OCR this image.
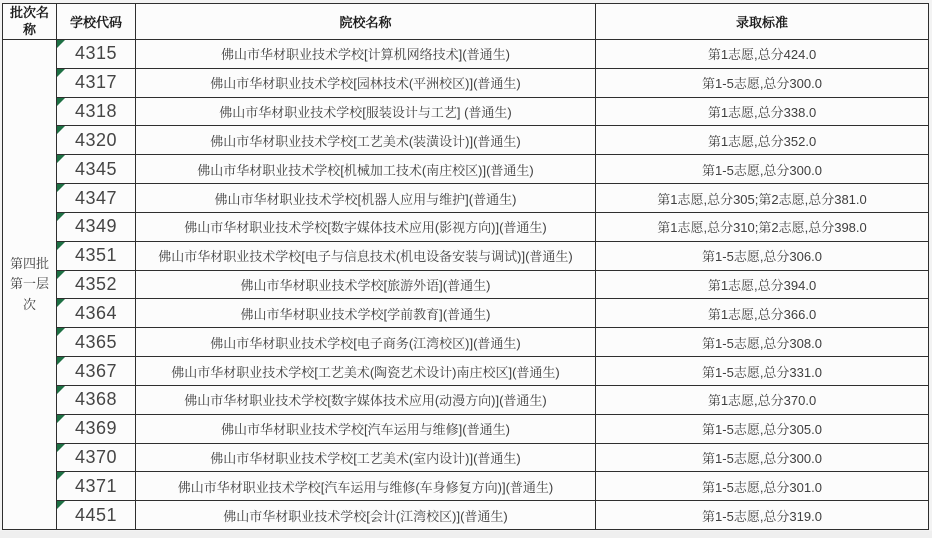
批次名称
第四批第一层次
学校代码	院校名称	录取标准
4315	佛山市华材职业技术学校[计算机网络技术](普通生)	第1志愿,总分424.0
4317	佛山市华材职业技术学校[园林技术(平洲校区)](普通生)	第1-5志愿,总分300.0
4318	佛山市华材职业技术学校[服装设计与工艺] (普通生)	第1志愿,总分338.0
4320	佛山市华材职业技术学校[工艺美术(装潢设计)](普通生)	第1志愿,总分352.0
4345	佛山市华材职业技术学校[机械加工技术(南庄校区)](普通生)	第1-5志愿,总分300.0
4347	佛山市华材职业技术学校[机器人应用与维护](普通生)	第1志愿,总分305;第2志愿,总分381.0
4349	佛山市华材职业技术学校[数字媒体技术应用(影视方向)](普通生)	第1志愿,总分310;第2志愿,总分398.0
4351	佛山市华材职业技术学校[电子与信息技术(机电设备安装与调试)](普通生)	第1-5志愿,总分306.0
4352	佛山市华材职业技术学校[旅游外语](普通生)	第1志愿,总分394.0
4364	佛山市华材职业技术学校[学前教育](普通生)	第1志愿,总分366.0
4365	佛山市华材职业技术学校[电子商务(江湾校区)](普通生)	第1-5志愿,总分308.0
4367	佛山市华材职业技术学校[工艺美术(陶瓷艺术设计)南庄校区](普通生)	第1-5志愿,总分331.0
4368	佛山市华材职业技术学校[数字媒体技术应用(动漫方向)](普通生)	第1志愿,总分370.0
4369	佛山市华材职业技术学校[汽车运用与维修](普通生)	第1-5志愿,总分305.0
4370	佛山市华材职业技术学校[工艺美术(室内设计)](普通生)	第1-5志愿,总分300.0
4371	佛山市华材职业技术学校[汽车运用与维修(车身修复方向)](普通生)	第1-5志愿,总分301.0
4451	佛山市华材职业技术学校[会计(江湾校区)](普通生)	第1-5志愿,总分319.0
